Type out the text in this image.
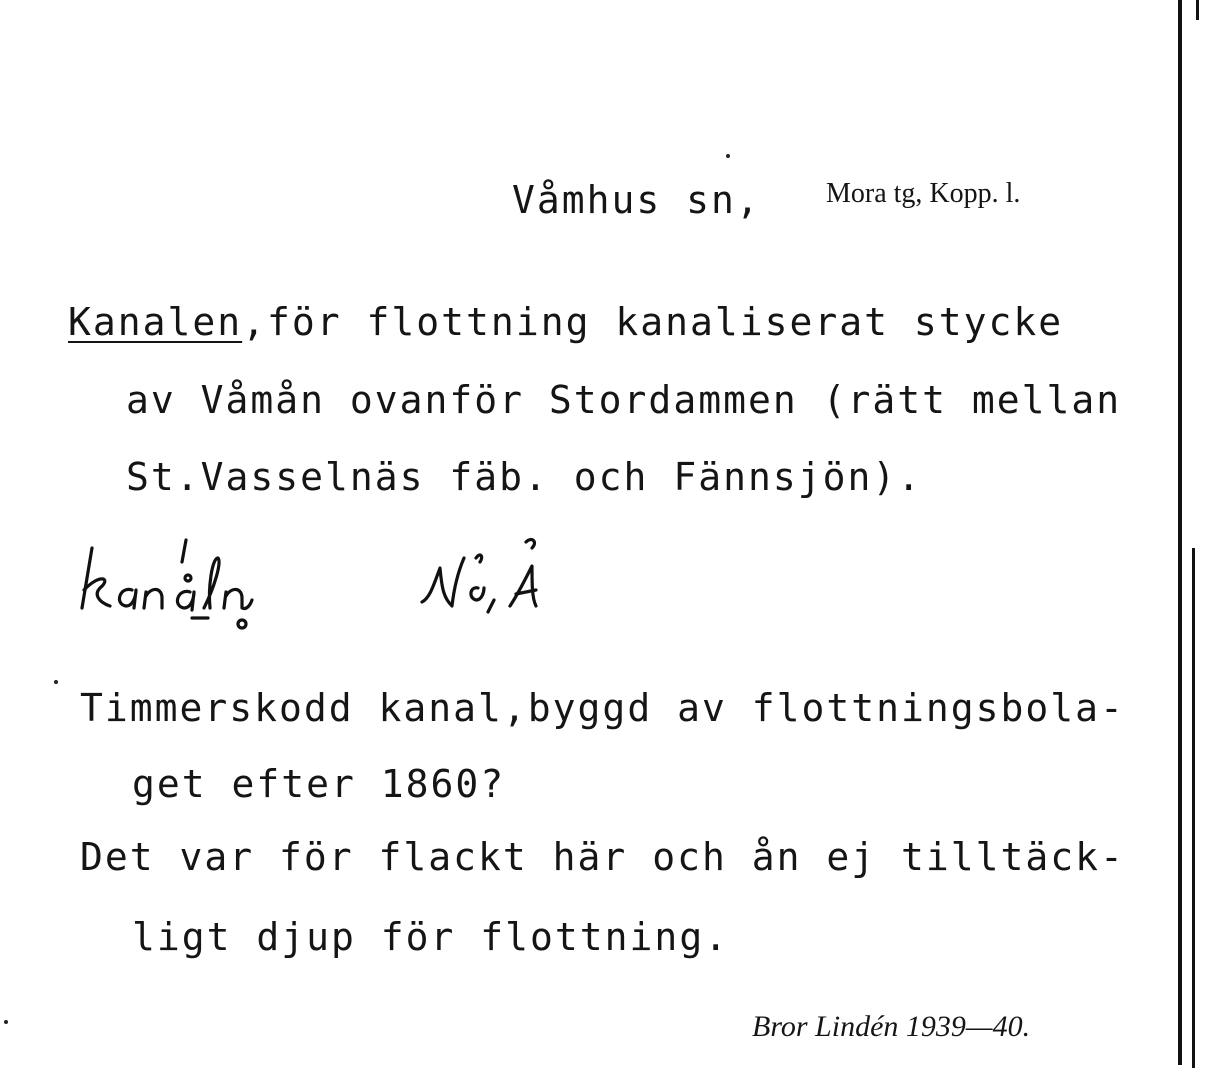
Våmhus sn, Mora tg, Kopp. l.
Kanalen,för flottning kanaliserat stycke
av Våmån ovanför Stordammen (rätt mellan
St.Vasselnäs fäb. och Fännsjön).
Timmerskodd kanal,byggd av flottningsbola-
get efter 1860?
Det var för flackt här och ån ej tilltäck-
ligt djup för flottning.
Bror Lindén 1939—40.
